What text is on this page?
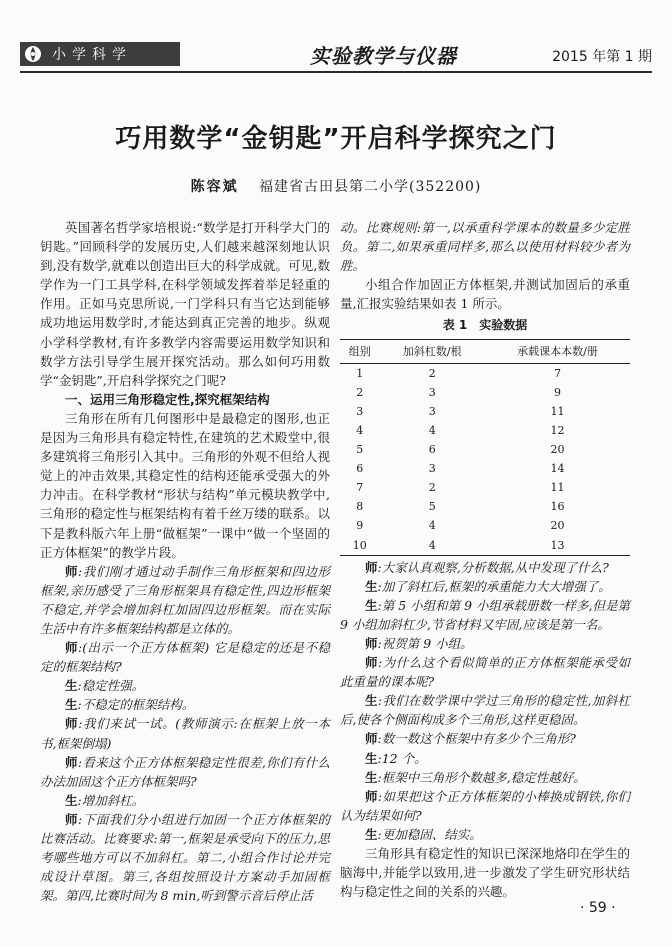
小学科学	实验教学与仪器	2015 年第 1 期
巧用数学“金钥匙”开启科学探究之门
陈容斌 福建省古田县第二小学(352200)

英国著名哲学家培根说:“数学是打开科学大门的钥匙。”回顾科学的发展历史,人们越来越深刻地认识到,没有数学,就难以创造出巨大的科学成就。可见,数学作为一门工具学科,在科学领域发挥着举足轻重的作用。正如马克思所说,一门学科只有当它达到能够成功地运用数学时,才能达到真正完善的地步。纵观小学科学教材,有许多教学内容需要运用数学知识和数学方法引导学生展开探究活动。那么如何巧用数学“金钥匙”,开启科学探究之门呢?

一、运用三角形稳定性,探究框架结构

三角形在所有几何图形中是最稳定的图形,也正是因为三角形具有稳定特性,在建筑的艺术殿堂中,很多建筑将三角形引入其中。三角形的外观不但给人视觉上的冲击效果,其稳定性的结构还能承受强大的外力冲击。在科学教材“形状与结构”单元模块教学中,三角形的稳定性与框架结构有着千丝万缕的联系。以下是教科版六年上册“做框架”一课中“做一个坚固的正方体框架”的教学片段。

师:我们刚才通过动手制作三角形框架和四边形框架,亲历感受了三角形框架具有稳定性,四边形框架不稳定,并学会增加斜杠加固四边形框架。而在实际生活中有许多框架结构都是立体的。

师:(出示一个正方体框架) 它是稳定的还是不稳定的框架结构?

生:稳定性强。

生:不稳定的框架结构。

师:我们来试一试。(教师演示:在框架上放一本书,框架倒塌)

师:看来这个正方体框架稳定性很差,你们有什么办法加固这个正方体框架吗?

生:增加斜杠。

师:下面我们分小组进行加固一个正方体框架的比赛活动。比赛要求:第一,框架是承受向下的压力,思考哪些地方可以不加斜杠。第二,小组合作讨论并完成设计草图。第三,各组按照设计方案动手加固框架。第四,比赛时间为 8 min,听到警示音后停止活

动。比赛规则:第一,以承重科学课本的数量多少定胜负。第二,如果承重同样多,那么以使用材料较少者为胜。

小组合作加固正方体框架,并测试加固后的承重量,汇报实验结果如表 1 所示。

表 1　实验数据
组别	加斜杠数/根	承载课本本数/册
1	2	7
2	3	9
3	3	11
4	4	12
5	6	20
6	3	14
7	2	11
8	5	16
9	4	20
10	4	13

师:大家认真观察,分析数据,从中发现了什么?

生:加了斜杠后,框架的承重能力大大增强了。

生:第 5 小组和第 9 小组承载册数一样多,但是第 9 小组加斜杠少,节省材料又牢固,应该是第一名。

师:祝贺第 9 小组。

师:为什么这个看似简单的正方体框架能承受如此重量的课本呢?

生:我们在数学课中学过三角形的稳定性,加斜杠后,使各个侧面构成多个三角形,这样更稳固。

师:数一数这个框架中有多少个三角形?

生:12 个。

生:框架中三角形个数越多,稳定性越好。

师:如果把这个正方体框架的小棒换成钢铁,你们认为结果如何?

生:更加稳固、结实。

三角形具有稳定性的知识已深深地烙印在学生的脑海中,并能学以致用,进一步激发了学生研究形状结构与稳定性之间的关系的兴趣。

· 59 ·
